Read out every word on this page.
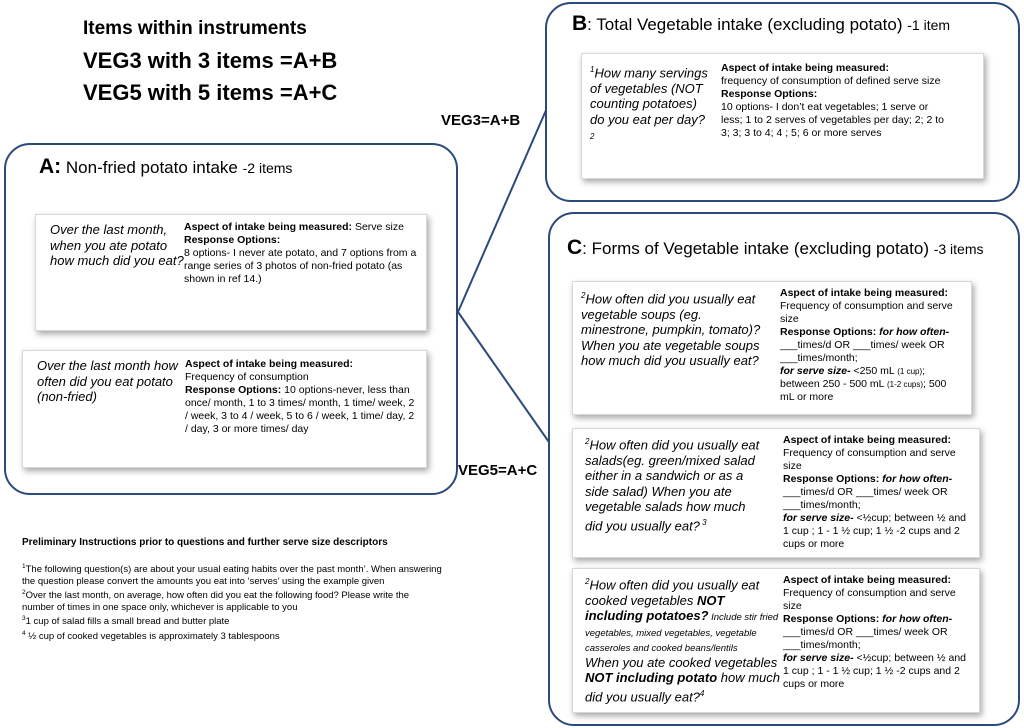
Items within instruments
VEG3 with 3 items =A+B
VEG5 with 5 items =A+C
VEG3=A+B
VEG5=A+C
A: Non-fried potato intake -2 items
Over the last month, when you ate potato how much did you eat?
Aspect of intake being measured: Serve size
Response Options:
8 options- I never ate potato, and 7 options from a range series of 3 photos of non-fried potato (as shown in ref 14.)
Over the last month how often did you eat potato (non-fried)
Aspect of intake being measured:
Frequency of consumption
Response Options: 10 options-never, less than once/ month, 1 to 3 times/ month, 1 time/ week, 2 / week, 3 to 4 / week, 5 to 6 / week, 1 time/ day, 2 / day, 3 or more times/ day
B: Total Vegetable intake (excluding potato) -1 item
$^1$How many servings of vegetables (NOT counting potatoes) do you eat per day? $^2$
Aspect of intake being measured:
frequency of consumption of defined serve size
Response Options:
10 options- I don’t eat vegetables; 1 serve or less; 1 to 2 serves of vegetables per day; 2; 2 to 3; 3; 3 to 4; 4 ; 5; 6 or more serves
C: Forms of Vegetable intake (excluding potato) -3 items
$^2$How often did you usually eat vegetable soups (eg. minestrone, pumpkin, tomato)? When you ate vegetable soups how much did you usually eat?
Aspect of intake being measured:
Frequency of consumption and serve size
Response Options: for how often-
___times/d OR ___times/ week OR ___times/month;
for serve size- <250 mL (1 cup); between 250 - 500 mL (1-2 cups); 500 mL or more
$^2$How often did you usually eat salads(eg. green/mixed salad either in a sandwich or as a side salad) When you ate vegetable salads how much did you usually eat? $^3$
Aspect of intake being measured:
Frequency of consumption and serve size
Response Options: for how often-
___times/d OR ___times/ week OR ___times/month;
for serve size- <½cup; between ½ and 1 cup ; 1 - 1 ½ cup; 1 ½ -2 cups and 2 cups or more
$^2$How often did you usually eat cooked vegetables NOT including potatoes? Include stir fried vegetables, mixed vegetables, vegetable casseroles and cooked beans/lentils
When you ate cooked vegetables NOT including potato how much did you usually eat?$^4$
Aspect of intake being measured:
Frequency of consumption and serve size
Response Options: for how often-
___times/d OR ___times/ week OR ___times/month;
for serve size- <½cup; between ½ and 1 cup ; 1 - 1 ½ cup; 1 ½ -2 cups and 2 cups or more
Preliminary Instructions prior to questions and further serve size descriptors

$^1$The following question(s) are about your usual eating habits over the past month’. When answering the question please convert the amounts you eat into ‘serves’ using the example given

$^2$Over the last month, on average, how often did you eat the following food? Please write the number of times in one space only, whichever is applicable to you

$^3$1 cup of salad fills a small bread and butter plate

$^4$ ½ cup of cooked vegetables is approximately 3 tablespoons
